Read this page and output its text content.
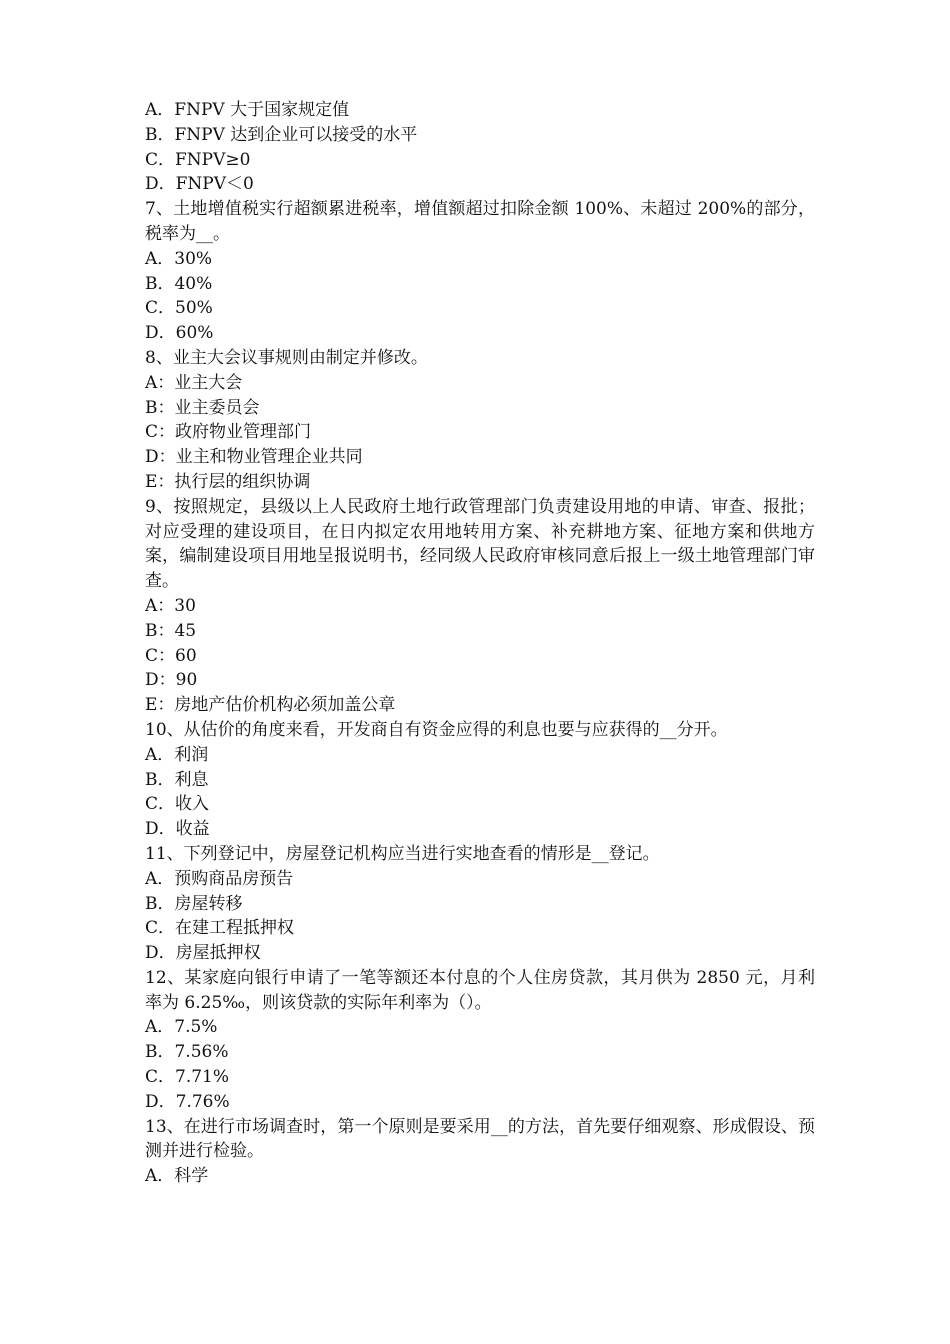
A．FNPV 大于国家规定值

B．FNPV 达到企业可以接受的水平

C．FNPV≥0

D．FNPV＜0

7、土地增值税实行超额累进税率，增值额超过扣除金额 100%、未超过 200%的部分，税率为__。

A．30%

B．40%

C．50%

D．60%

8、业主大会议事规则由制定并修改。

A：业主大会

B：业主委员会

C：政府物业管理部门

D：业主和物业管理企业共同

E：执行层的组织协调

9、按照规定，县级以上人民政府土地行政管理部门负责建设用地的申请、审查、报批；对应受理的建设项目，在日内拟定农用地转用方案、补充耕地方案、征地方案和供地方案，编制建设项目用地呈报说明书，经同级人民政府审核同意后报上一级土地管理部门审查。

A：30

B：45

C：60

D：90

E：房地产估价机构必须加盖公章

10、从估价的角度来看，开发商自有资金应得的利息也要与应获得的__分开。

A．利润

B．利息

C．收入

D．收益

11、下列登记中，房屋登记机构应当进行实地查看的情形是__登记。

A．预购商品房预告

B．房屋转移

C．在建工程抵押权

D．房屋抵押权

12、某家庭向银行申请了一笔等额还本付息的个人住房贷款，其月供为 2850 元，月利率为 6.25‰，则该贷款的实际年利率为（）。

A．7.5%

B．7.56%

C．7.71%

D．7.76%

13、在进行市场调查时，第一个原则是要采用__的方法，首先要仔细观察、形成假设、预测并进行检验。

A．科学
